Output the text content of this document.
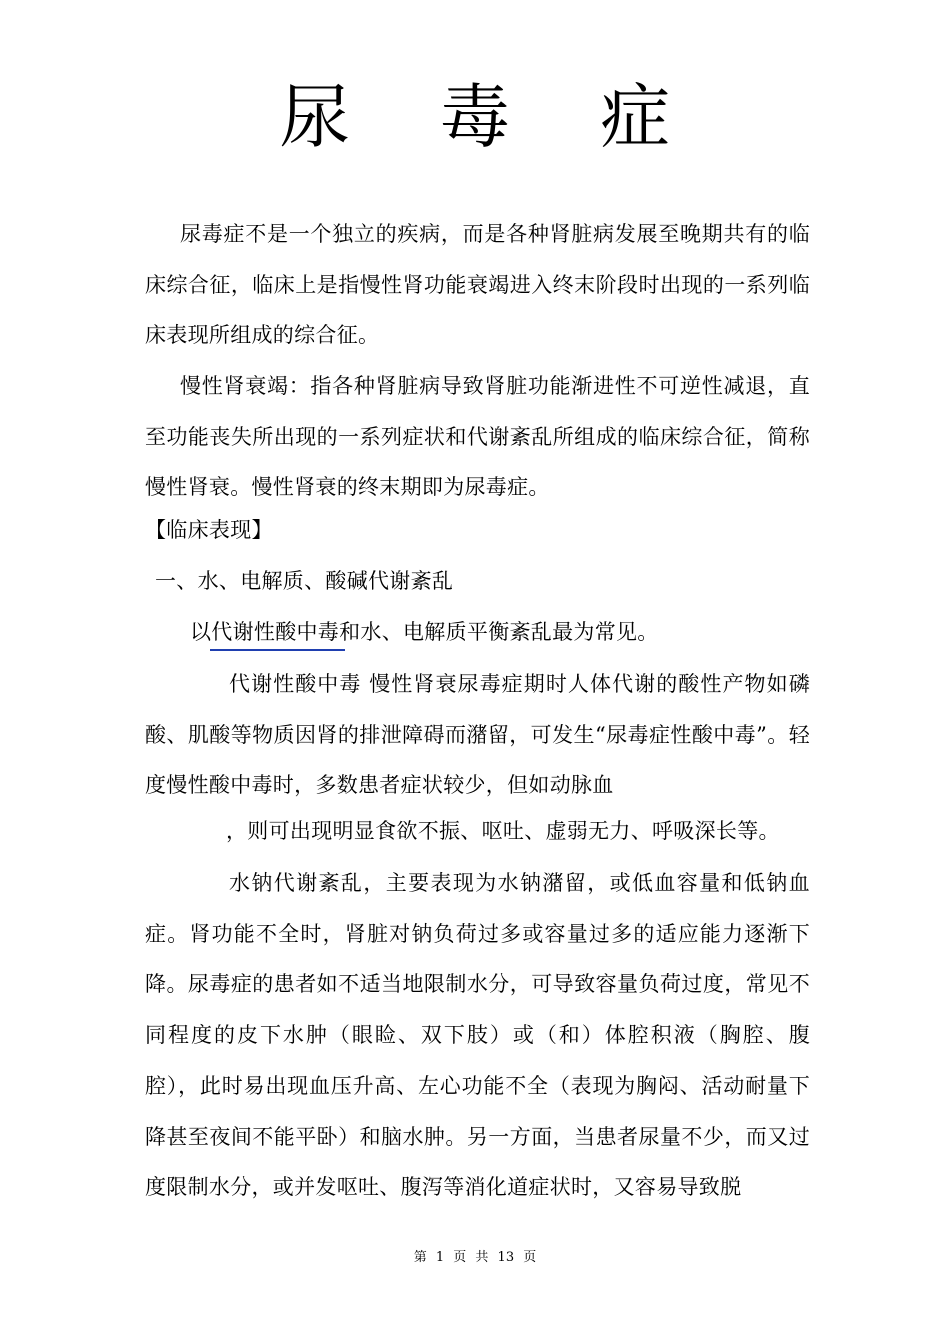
尿 毒 症

尿毒症不是一个独立的疾病，而是各种肾脏病发展至晚期共有的临床综合征，临床上是指慢性肾功能衰竭进入终末阶段时出现的一系列临床表现所组成的综合征。

慢性肾衰竭：指各种肾脏病导致肾脏功能渐进性不可逆性减退，直至功能丧失所出现的一系列症状和代谢紊乱所组成的临床综合征，简称慢性肾衰。慢性肾衰的终末期即为尿毒症。

【临床表现】
一、水、电解质、酸碱代谢紊乱
以代谢性酸中毒和水、电解质平衡紊乱最为常见。

代谢性酸中毒 慢性肾衰尿毒症期时人体代谢的酸性产物如磷酸、肌酸等物质因肾的排泄障碍而潴留，可发生“尿毒症性酸中毒”。轻度慢性酸中毒时，多数患者症状较少，但如动脉血

，则可出现明显食欲不振、呕吐、虚弱无力、呼吸深长等。

水钠代谢紊乱，主要表现为水钠潴留，或低血容量和低钠血症。肾功能不全时，肾脏对钠负荷过多或容量过多的适应能力逐渐下降。尿毒症的患者如不适当地限制水分，可导致容量负荷过度，常见不同程度的皮下水肿（眼睑、双下肢）或（和）体腔积液（胸腔、腹腔），此时易出现血压升高、左心功能不全（表现为胸闷、活动耐量下降甚至夜间不能平卧）和脑水肿。另一方面，当患者尿量不少，而又过度限制水分，或并发呕吐、腹泻等消化道症状时，又容易导致脱

第 1 页 共 13 页
